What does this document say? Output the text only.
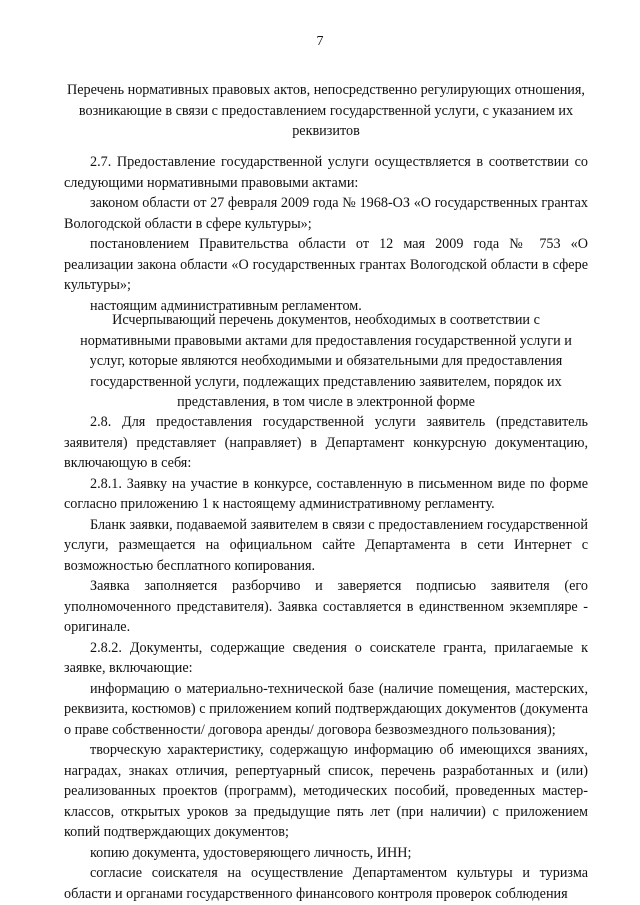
7
Перечень нормативных правовых актов, непосредственно регулирующих отношения, возникающие в связи с предоставлением государственной услуги, с указанием их реквизитов

2.7. Предоставление государственной услуги осуществляется в соответствии со следующими нормативными правовыми актами:

законом области от 27 февраля 2009 года № 1968-ОЗ «О государственных грантах Вологодской области в сфере культуры»;

постановлением Правительства области от 12 мая 2009 года № 753 «О реализации закона области «О государственных грантах Вологодской области в сфере культуры»;

настоящим административным регламентом.

Исчерпывающий перечень документов, необходимых в соответствии с нормативными правовыми актами для предоставления государственной услуги и услуг, которые являются необходимыми и обязательными для предоставления государственной услуги, подлежащих представлению заявителем, порядок их представления, в том числе в электронной форме

2.8. Для предоставления государственной услуги заявитель (представитель заявителя) представляет (направляет) в Департамент конкурсную документацию, включающую в себя:

2.8.1. Заявку на участие в конкурсе, составленную в письменном виде по форме согласно приложению 1 к настоящему административному регламенту.

Бланк заявки, подаваемой заявителем в связи с предоставлением государственной услуги, размещается на официальном сайте Департамента в сети Интернет с возможностью бесплатного копирования.

Заявка заполняется разборчиво и заверяется подписью заявителя (его уполномоченного представителя). Заявка составляется в единственном экземпляре - оригинале.

2.8.2. Документы, содержащие сведения о соискателе гранта, прилагаемые к заявке, включающие:

информацию о материально-технической базе (наличие помещения, мастерских, реквизита, костюмов) с приложением копий подтверждающих документов (документа о праве собственности/ договора аренды/ договора безвозмездного пользования);

творческую характеристику, содержащую информацию об имеющихся званиях, наградах, знаках отличия, репертуарный список, перечень разработанных и (или) реализованных проектов (программ), методических пособий, проведенных мастер-классов, открытых уроков за предыдущие пять лет (при наличии) с приложением копий подтверждающих документов;

копию документа, удостоверяющего личность, ИНН;

согласие соискателя на осуществление Департаментом культуры и туризма области и органами государственного финансового контроля проверок соблюдения
